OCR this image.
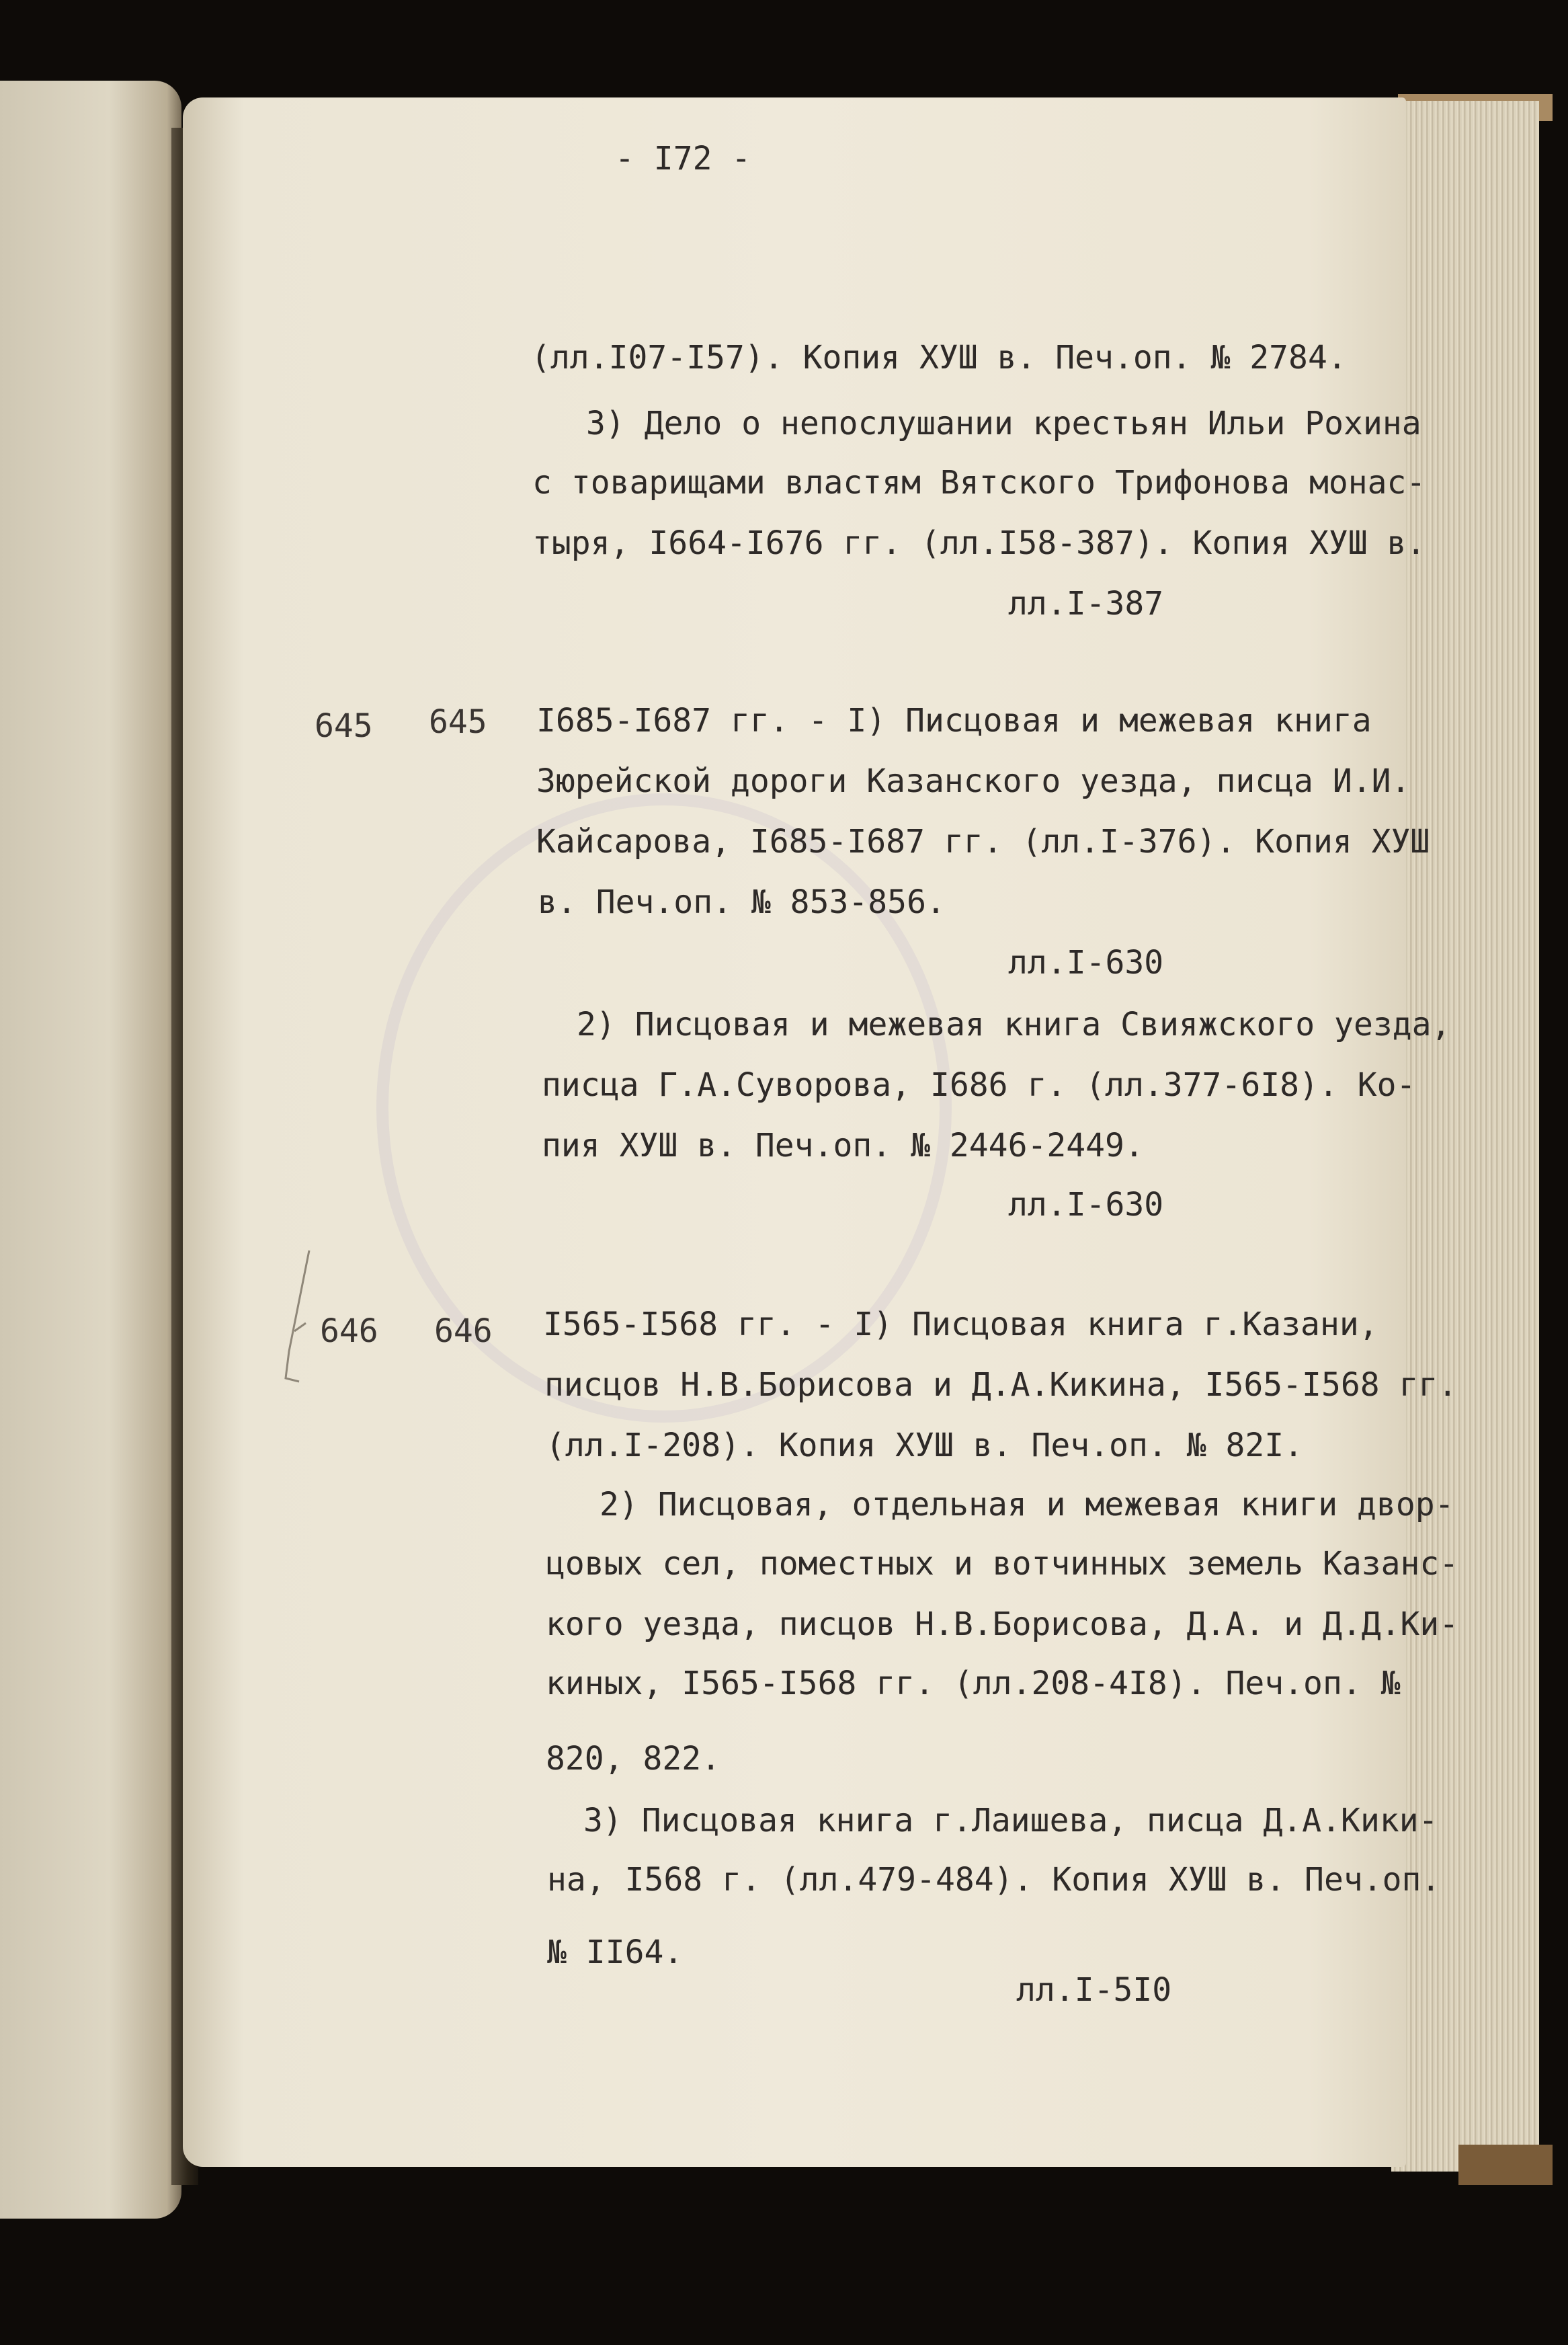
- I72 -
(лл.I07-I57). Копия ХУШ в. Печ.оп. № 2784.
3) Дело о непослушании крестьян Ильи Рохина
с товарищами властям Вятского Трифонова монас-
тыря, I664-I676 гг. (лл.I58-387). Копия ХУШ в.
лл.I-387
645 645 I685-I687 гг. - I) Писцовая и межевая книга
Зюрейской дороги Казанского уезда, писца И.И.
Кайсарова, I685-I687 гг. (лл.I-376). Копия ХУШ
в. Печ.оп. № 853-856.
лл.I-630
2) Писцовая и межевая книга Свияжского уезда,
писца Г.А.Суворова, I686 г. (лл.377-6I8). Ко-
пия ХУШ в. Печ.оп. № 2446-2449.
лл.I-630
646 646 I565-I568 гг. - I) Писцовая книга г.Казани,
писцов Н.В.Борисова и Д.А.Кикина, I565-I568 гг.
(лл.I-208). Копия ХУШ в. Печ.оп. № 82I.
2) Писцовая, отдельная и межевая книги двор-
цовых сел, поместных и вотчинных земель Казанс-
кого уезда, писцов Н.В.Борисова, Д.А. и Д.Д.Ки-
киных, I565-I568 гг. (лл.208-4I8). Печ.оп. №
820, 822.
3) Писцовая книга г.Лаишева, писца Д.А.Кики-
на, I568 г. (лл.479-484). Копия ХУШ в. Печ.оп.
№ II64.
лл.I-5I0
